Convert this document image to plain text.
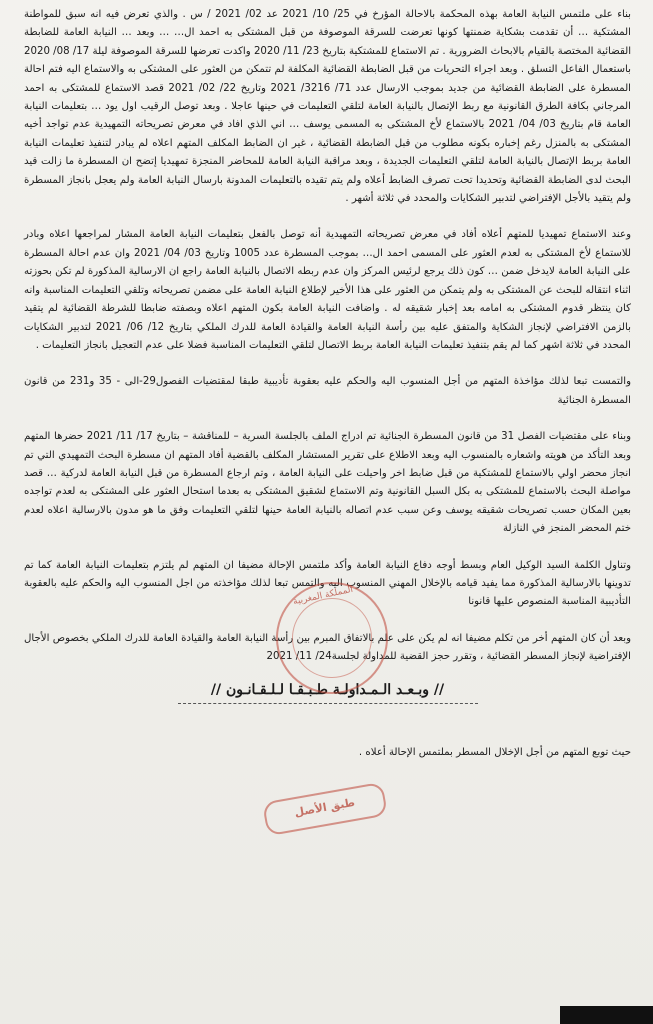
بناء على ملتمس النيابة العامة بهذه المحكمة بالاحالة المؤرخ في 25/ 10/ 2021 عد 02/ 2021 / س . والذي تعرض فيه انه سبق للمواطنة المشتكية … أن تقدمت بشكاية ضمنتها كونها تعرضت للسرقة الموصوفة من قبل المشتكى به احمد ال… … وبعد … النيابة العامة للضابطة القضائية المختصة بالقيام بالابحاث الضرورية . تم الاستماع للمشتكية بتاريخ 23/ 11/ 2020 واكدت تعرضها للسرقة الموصوفة ليلة 17/ 08/ 2020 باستعمال الفاعل التسلق . وبعد اجراء التحريات من قبل الضابطة القضائية المكلفة لم تتمكن من العثور على المشتكى به والاستماع اليه فتم احالة المسطرة على الضابطة القضائية من جديد بموجب الارسال عدد 71/ 3216/ 2021 وتاريخ 22/ 02/ 2021 قصد الاستماع للمشتكى به احمد المرجاني بكافة الطرق القانونية مع ربط الإتصال بالنيابة العامة لتلقي التعليمات في حينها عاجلا . وبعد توصل الرقيب اول يود … بتعليمات النيابة العامة قام بتاريخ 03/ 04/ 2021 بالاستماع لأخ المشتكى به المسمى يوسف … اني الذي افاد في معرض تصريحاته التمهيدية عدم تواجد أخيه المشتكى به بالمنزل رغم إخباره بكونه مطلوب من قبل الضابطة القضائية ، غير ان الضابط المكلف المتهم اعلاه لم يبادر لتنفيذ تعليمات النيابة العامة بربط الإتصال بالنيابة العامة لتلقي التعليمات الجديدة ، وبعد مراقبة النيابة العامة للمحاضر المنجزة تمهيديا إتضح ان المسطرة ما زالت قيد البحث لدى الضابطة القضائية وتحديدا تحت تصرف الضابط أعلاه ولم يتم تقيده بالتعليمات المدونة بارسال النيابة العامة ولم يعجل بانجاز المسطرة ولم يتقيد بالأجل الإفتراضي لتدبير الشكايات والمحدد في ثلاثة أشهر .

وعند الاستماع تمهيديا للمتهم أعلاه أفاد في معرض تصريحاته التمهيدية أنه توصل بالفعل بتعليمات النيابة العامة المشار لمراجعها اعلاه وبادر للاستماع لأخ المشتكى به لعدم العثور على المسمى احمد ال… بموجب المسطرة عدد 1005 وتاريخ 03/ 04/ 2021 وان عدم احالة المسطرة على النيابة العامة لايدخل ضمن … كون ذلك يرجع لرئيس المركز وان عدم ربطه الاتصال بالنيابة العامة راجع ان الارسالية المذكورة لم تكن بحوزته اثناء انتقاله للبحث عن المشتكى به ولم يتمكن من العثور على هذا الأخير لإطلاع النيابة العامة على مضمن تصريحاته وتلقي التعليمات المناسبة وانه كان ينتظر قدوم المشتكى به امامه بعد إخبار شقيقه له . واضافت النيابة العامة بكون المتهم اعلاه وبصفته ضابطا للشرطة القضائية لم يتقيد بالزمن الافتراضي لإنجاز الشكاية والمتفق عليه بين رأسة النيابة العامة والقيادة العامة للدرك الملكي بتاريخ 12/ 06/ 2021 لتدبير الشكايات المحدد في ثلاثة اشهر كما لم يقم بتنفيذ تعليمات النيابة العامة بربط الاتصال لتلقي التعليمات المناسبة فضلا على عدم التعجيل بانجاز التعليمات .

والتمست تبعا لذلك مؤاخذة المتهم من أجل المنسوب اليه والحكم عليه بعقوبة تأديبية طبقا لمقتضيات الفصول29-الى - 35 و231 من قانون المسطرة الجنائية

وبناء على مقتضيات الفصل 31 من قانون المسطرة الجنائية تم ادراج الملف بالجلسة السرية – للمناقشة – بتاريخ 17/ 11/ 2021 حضرها المتهم وبعد التأكد من هويته واشعاره بالمنسوب اليه وبعد الاطلاع على تقرير المستشار المكلف بالقضية أفاد المتهم ان مسطرة البحث التمهيدي التي تم انجاز محضر اولي بالاستماع للمشتكية من قبل ضابط اخر واحيلت على النيابة العامة ، وتم ارجاع المسطرة من قبل النيابة العامة لدركية … قصد مواصلة البحث بالاستماع للمشتكى به بكل السبل القانونية وتم الاستماع لشقيق المشتكى به بعدما استحال العثور على المشتكى به لعدم تواجده بعين المكان حسب تصريحات شقيقه يوسف وعن سبب عدم اتصاله بالنيابة العامة حينها لتلقي التعليمات وفق ما هو مدون بالارسالية اعلاه لعدم ختم المحضر المنجز في النازلة

وتناول الكلمة السيد الوكيل العام وبسط أوجه دفاع النيابة العامة وأكد ملتمس الإحالة مضيفا ان المتهم لم يلتزم بتعليمات النيابة العامة كما تم تدوينها بالارسالية المذكورة مما يفيد قيامه بالإخلال المهني المنسوب اليه والتمس تبعا لذلك مؤاخذته من اجل المنسوب اليه والحكم عليه بالعقوبة التأديبية المناسبة المنصوص عليها قانونا

وبعد أن كان المتهم أخر من تكلم مضيفا انه لم يكن على علم بالاتفاق المبرم بين رأسة النيابة العامة والقيادة العامة للدرك الملكي بخصوص الأجال الإفتراضية لإنجاز المسطر القضائية ، وتقرر حجز القضية للمداولة لجلسة24/ 11/ 2021

// وبـعـد الـمـداولـة طـبـقـا لـلـقـانـون //
حيث توبع المتهم من أجل الإخلال المسطر بملتمس الإحالة أعلاه .
المملكة المغربية
طبق الأصل
